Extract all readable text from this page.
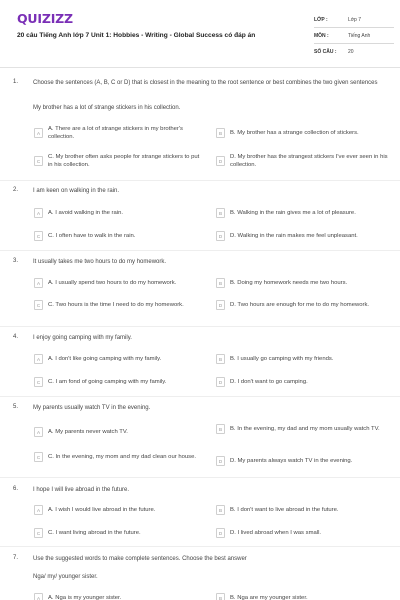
QUIZIZZ
20 câu Tiếng Anh lớp 7 Unit 1: Hobbies - Writing - Global Success có đáp án
LỚP :	Lớp 7
MÔN :	Tiếng Anh
SỐ CÂU :	20
1. Choose the sentences (A, B, C or D) that is closest in the meaning to the root sentence or best combines the two given sentences
My brother has a lot of strange stickers in his collection.
A
A. There are a lot of strange stickers in my brother's collection.
B	B. My brother has a strange collection of stickers.
C
C. My brother often asks people for strange stickers to put in his collection.
D
D. My brother has the strangest stickers I've ever seen in his collection.
2. I am keen on walking in the rain.
A	A. I avoid walking in the rain.	B	B. Walking in the rain gives me a lot of pleasure.
C	C. I often have to walk in the rain.	D	D. Walking in the rain makes me feel unpleasant.
3. It usually takes me two hours to do my homework.
A	A. I usually spend two hours to do my homework.	B	B. Doing my homework needs me two hours.
C	C. Two hours is the time I need to do my homework.	D	D. Two hours are enough for me to do my homework.
4. I enjoy going camping with my family.
A	A. I don't like going camping with my family.	B	B. I usually go camping with my friends.
C	C. I am fond of going camping with my family.	D	D. I don't want to go camping.
5. My parents usually watch TV in the evening.
A	A. My parents never watch TV.	B	B. In the evening, my dad and my mom usually watch TV.
C	C. In the evening, my mom and my dad clean our house.
D	D. My parents always watch TV in the evening.
6. I hope I will live abroad in the future.
A	A. I wish I would live abroad in the future.	B	B. I don't want to live abroad in the future.
C	C. I want living abroad in the future.	D	D. I lived abroad when I was small.
7. Use the suggested words to make complete sentences. Choose the best answer
Nga/ my/ younger sister.
A	A. Nga is my younger sister.	B	B. Nga are my younger sister.
